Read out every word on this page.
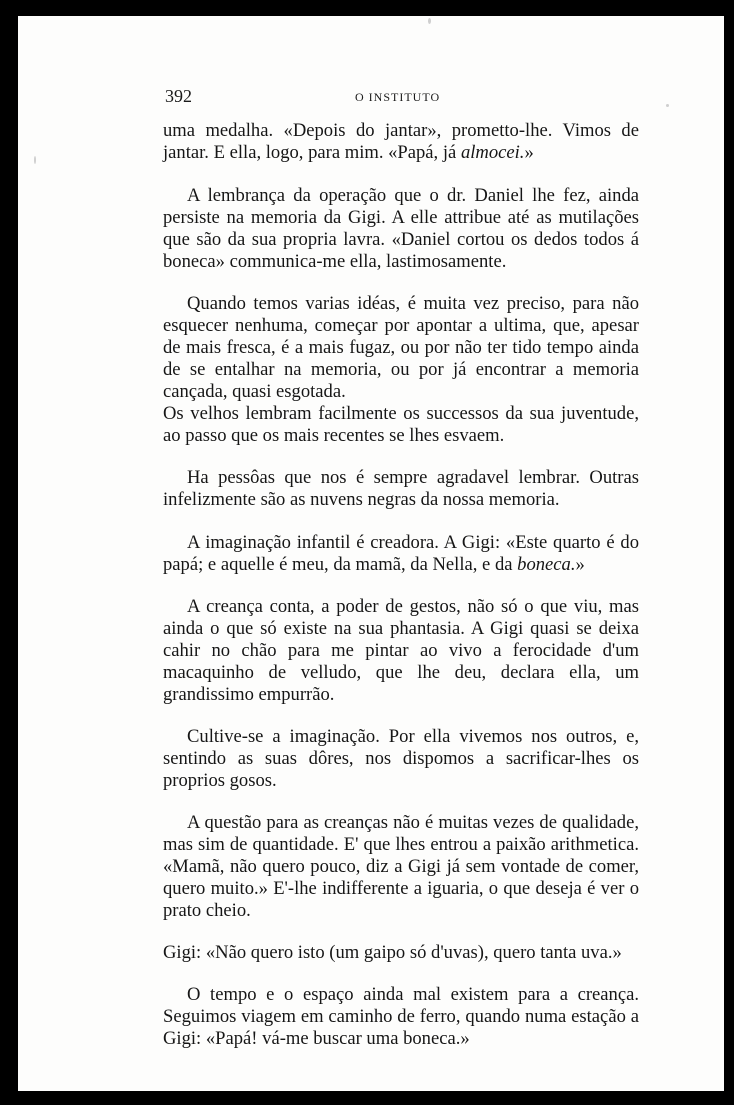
392	O INSTITUTO

uma medalha. «Depois do jantar», prometto-lhe. Vimos de jantar. E ella, logo, para mim. «Papá, já almocei.»

A lembrança da operação que o dr. Daniel lhe fez, ainda persiste na memoria da Gigi. A elle attribue até as mutilações que são da sua propria lavra. «Daniel cortou os dedos todos á boneca» communica-me ella, lastimosamente.

Quando temos varias idéas, é muita vez preciso, para não esquecer nenhuma, começar por apontar a ultima, que, apesar de mais fresca, é a mais fugaz, ou por não ter tido tempo ainda de se entalhar na memoria, ou por já encontrar a memoria cançada, quasi esgotada.

Os velhos lembram facilmente os successos da sua juventude, ao passo que os mais recentes se lhes esvaem.

Ha pessôas que nos é sempre agradavel lembrar. Outras infelizmente são as nuvens negras da nossa memoria.

A imaginação infantil é creadora. A Gigi: «Este quarto é do papá; e aquelle é meu, da mamã, da Nella, e da boneca.»

A creança conta, a poder de gestos, não só o que viu, mas ainda o que só existe na sua phantasia. A Gigi quasi se deixa cahir no chão para me pintar ao vivo a ferocidade d'um macaquinho de velludo, que lhe deu, declara ella, um grandissimo empurrão.

Cultive-se a imaginação. Por ella vivemos nos outros, e, sentindo as suas dôres, nos dispomos a sacrificar-lhes os proprios gosos.

A questão para as creanças não é muitas vezes de qualidade, mas sim de quantidade. E' que lhes entrou a paixão arithmetica. «Mamã, não quero pouco, diz a Gigi já sem vontade de comer, quero muito.» E'-lhe indifferente a iguaria, o que deseja é ver o prato cheio.

Gigi: «Não quero isto (um gaipo só d'uvas), quero tanta uva.»

O tempo e o espaço ainda mal existem para a creança. Seguimos viagem em caminho de ferro, quando numa estação a Gigi: «Papá! vá-me buscar uma boneca.»
